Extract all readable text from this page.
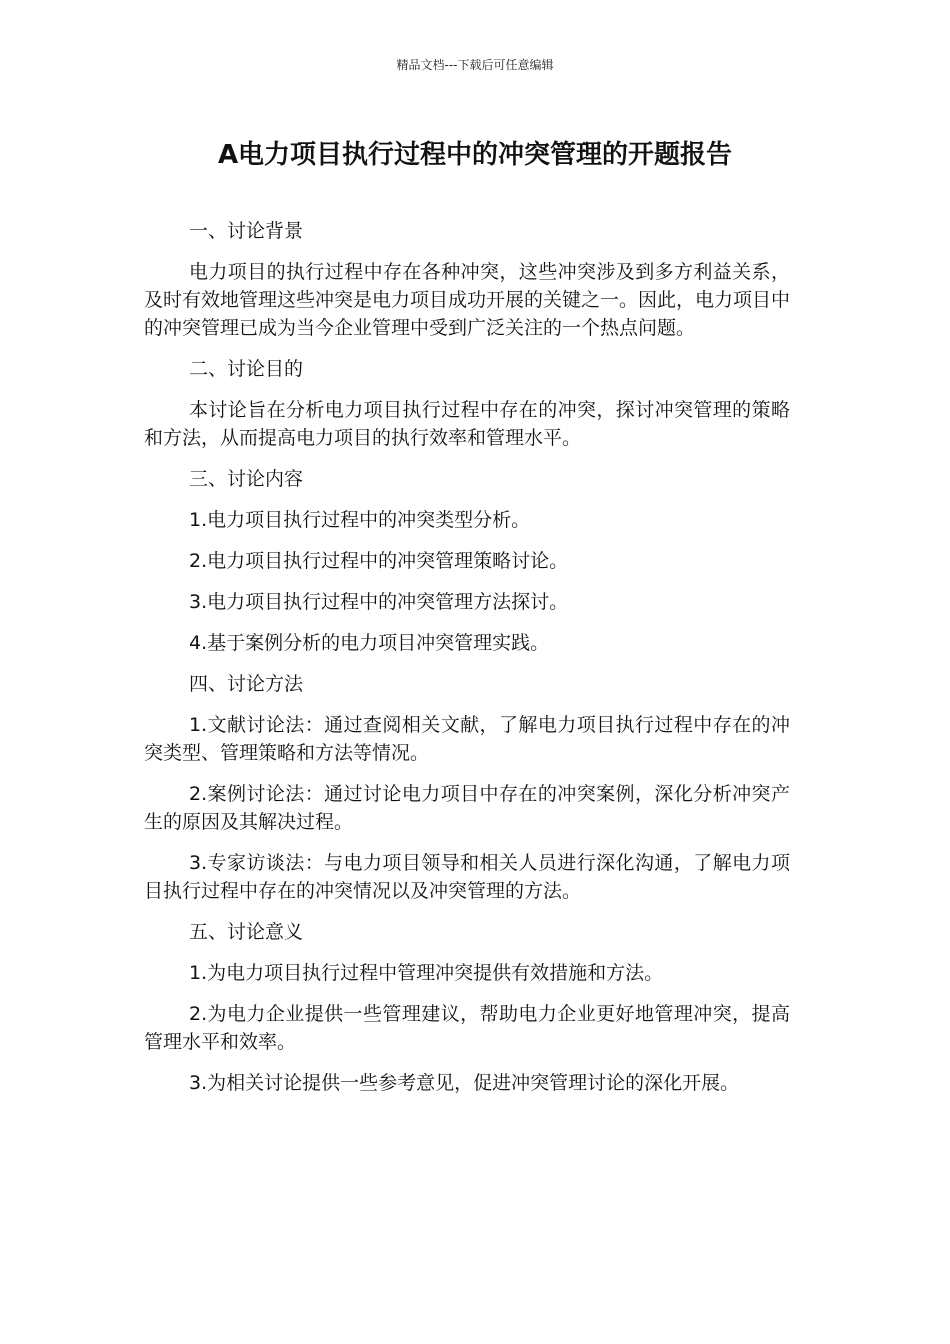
精品文档---下载后可任意编辑
A电力项目执行过程中的冲突管理的开题报告

一、讨论背景

电力项目的执行过程中存在各种冲突，这些冲突涉及到多方利益关系，及时有效地管理这些冲突是电力项目成功开展的关键之一。因此，电力项目中的冲突管理已成为当今企业管理中受到广泛关注的一个热点问题。

二、讨论目的

本讨论旨在分析电力项目执行过程中存在的冲突，探讨冲突管理的策略和方法，从而提高电力项目的执行效率和管理水平。

三、讨论内容

1.电力项目执行过程中的冲突类型分析。

2.电力项目执行过程中的冲突管理策略讨论。

3.电力项目执行过程中的冲突管理方法探讨。

4.基于案例分析的电力项目冲突管理实践。

四、讨论方法

1.文献讨论法：通过查阅相关文献，了解电力项目执行过程中存在的冲突类型、管理策略和方法等情况。

2.案例讨论法：通过讨论电力项目中存在的冲突案例，深化分析冲突产生的原因及其解决过程。

3.专家访谈法：与电力项目领导和相关人员进行深化沟通，了解电力项目执行过程中存在的冲突情况以及冲突管理的方法。

五、讨论意义

1.为电力项目执行过程中管理冲突提供有效措施和方法。

2.为电力企业提供一些管理建议，帮助电力企业更好地管理冲突，提高管理水平和效率。

3.为相关讨论提供一些参考意见，促进冲突管理讨论的深化开展。
